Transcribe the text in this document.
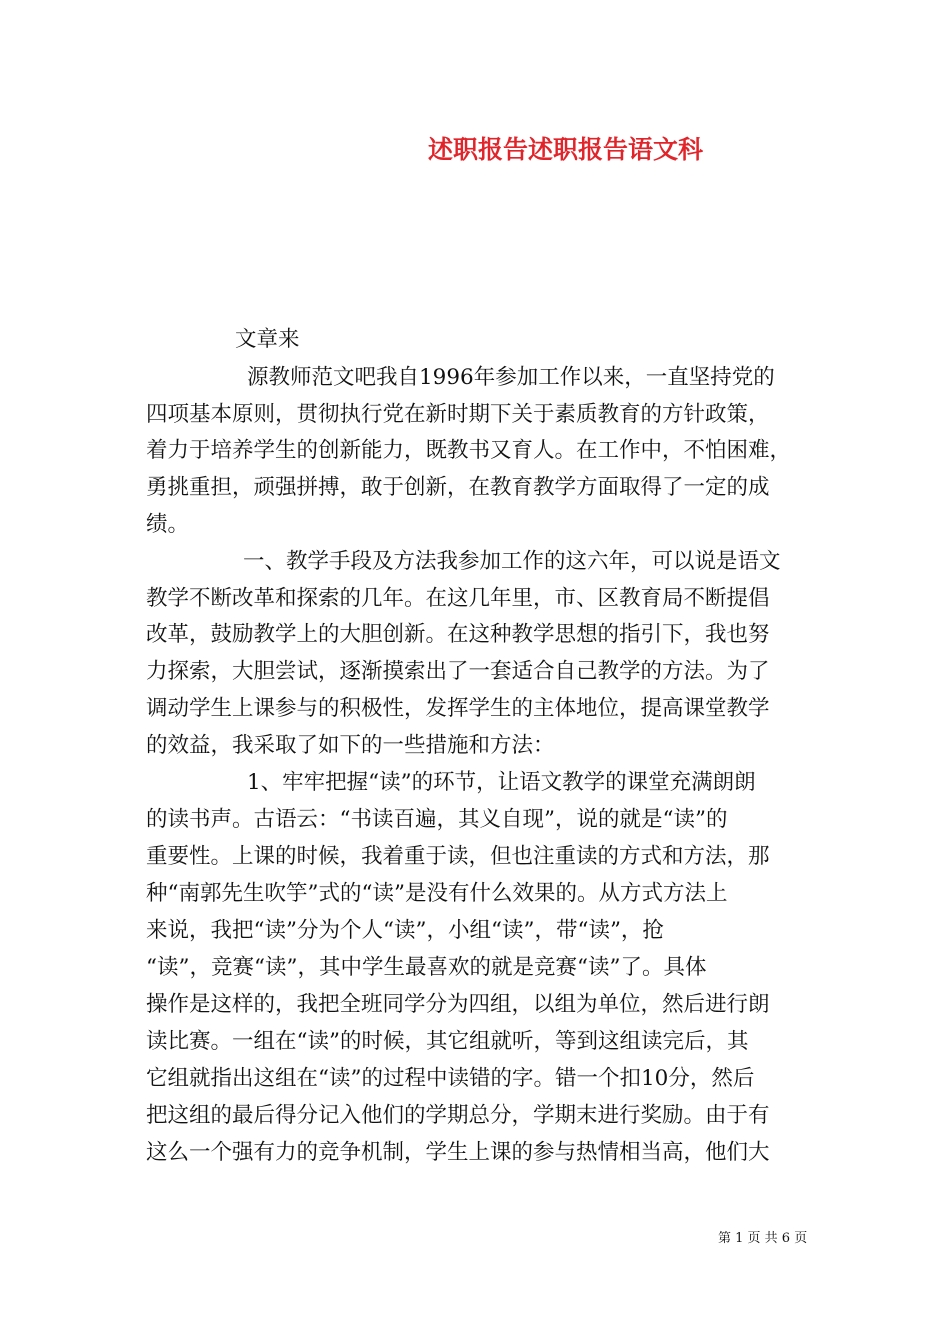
述职报告述职报告语文科
文章来
源教师范文吧我自1996年参加工作以来，一直坚持党的
四项基本原则，贯彻执行党在新时期下关于素质教育的方针政策，
着力于培养学生的创新能力，既教书又育人。在工作中，不怕困难，
勇挑重担，顽强拼搏，敢于创新，在教育教学方面取得了一定的成
绩。
一、教学手段及方法我参加工作的这六年，可以说是语文
教学不断改革和探索的几年。在这几年里，市、区教育局不断提倡
改革，鼓励教学上的大胆创新。在这种教学思想的指引下，我也努
力探索，大胆尝试，逐渐摸索出了一套适合自己教学的方法。为了
调动学生上课参与的积极性，发挥学生的主体地位，提高课堂教学
的效益，我采取了如下的一些措施和方法：
1、牢牢把握“读”的环节，让语文教学的课堂充满朗朗
的读书声。古语云：“书读百遍，其义自现”，说的就是“读”的
重要性。上课的时候，我着重于读，但也注重读的方式和方法，那
种“南郭先生吹竽”式的“读”是没有什么效果的。从方式方法上
来说，我把“读”分为个人“读”，小组“读”，带“读”，抢
“读”，竞赛“读”，其中学生最喜欢的就是竞赛“读”了。具体
操作是这样的，我把全班同学分为四组，以组为单位，然后进行朗
读比赛。一组在“读”的时候，其它组就听，等到这组读完后，其
它组就指出这组在“读”的过程中读错的字。错一个扣10分，然后
把这组的最后得分记入他们的学期总分，学期末进行奖励。由于有
这么一个强有力的竞争机制，学生上课的参与热情相当高，他们大
第 1 页 共 6 页
